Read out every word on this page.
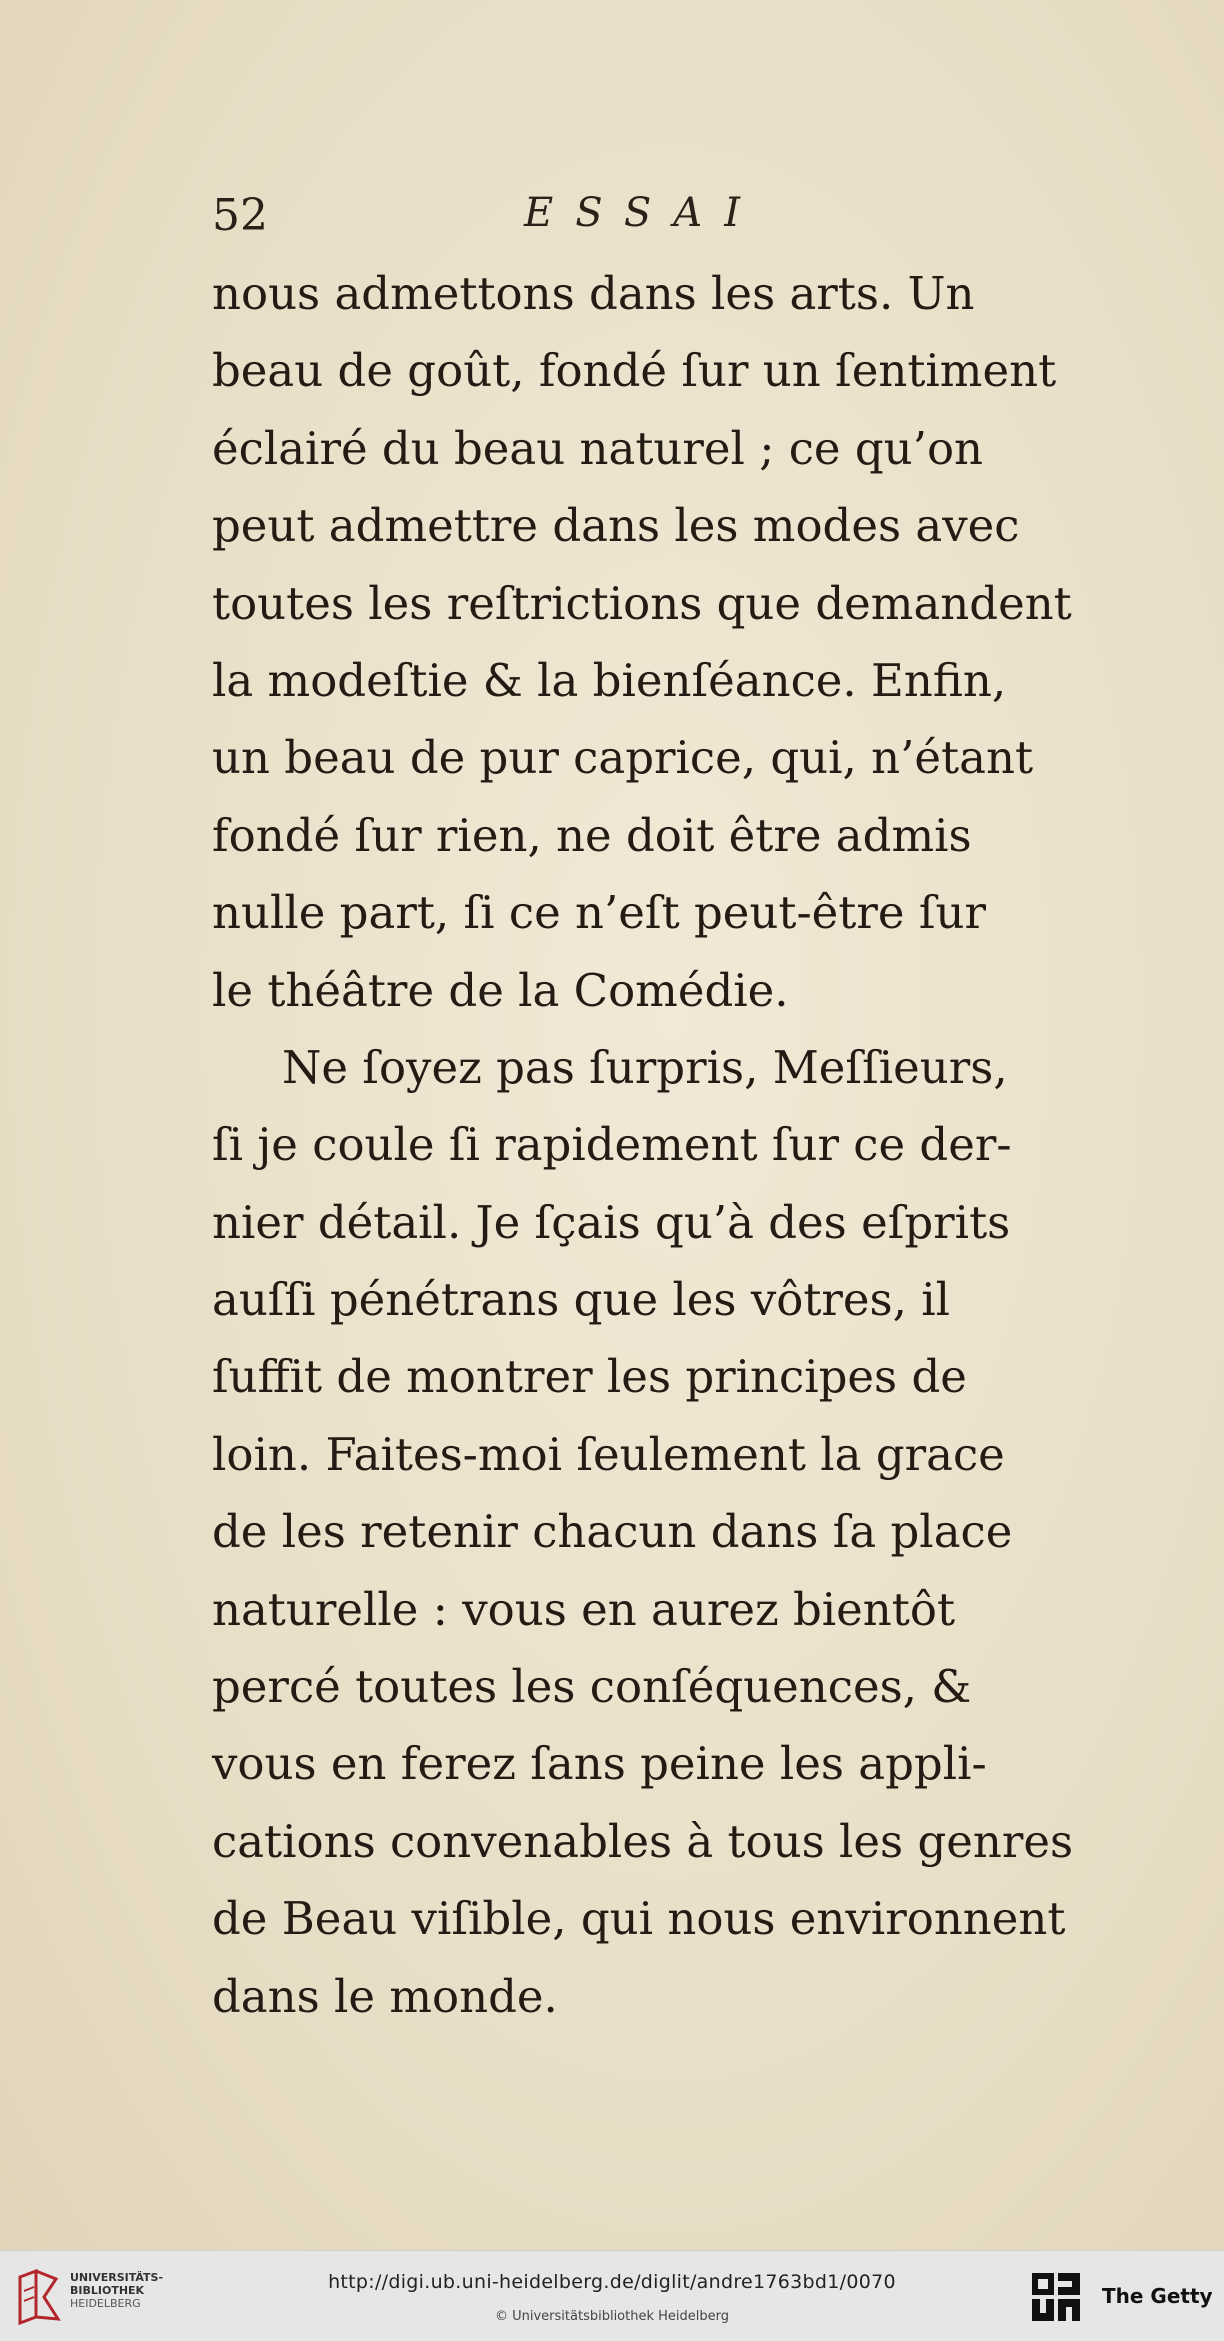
52	ESSAI
nous admettons dans les arts. Un
beau de goût, fondé ſur un ſentiment
éclairé du beau naturel ; ce qu’on
peut admettre dans les modes avec
toutes les reſtrictions que demandent
la modeſtie & la bienſéance. Enfin,
un beau de pur caprice, qui, n’étant
fondé ſur rien, ne doit être admis
nulle part, ſi ce n’eſt peut-être ſur
le théâtre de la Comédie.
Ne ſoyez pas ſurpris, Meſſieurs,
ſi je coule ſi rapidement ſur ce der-
nier détail. Je ſçais qu’à des eſprits
auſſi pénétrans que les vôtres, il
ſuffit de montrer les principes de
loin. Faites-moi ſeulement la grace
de les retenir chacun dans ſa place
naturelle : vous en aurez bientôt
percé toutes les conſéquences, &
vous en ferez ſans peine les appli-
cations convenables à tous les genres
de Beau viſible, qui nous environnent
dans le monde.
UNIVERSITÄTS-
BIBLIOTHEK
HEIDELBERG
http://digi.ub.uni-heidelberg.de/diglit/andre1763bd1/0070
© Universitätsbibliothek Heidelberg
The Getty
